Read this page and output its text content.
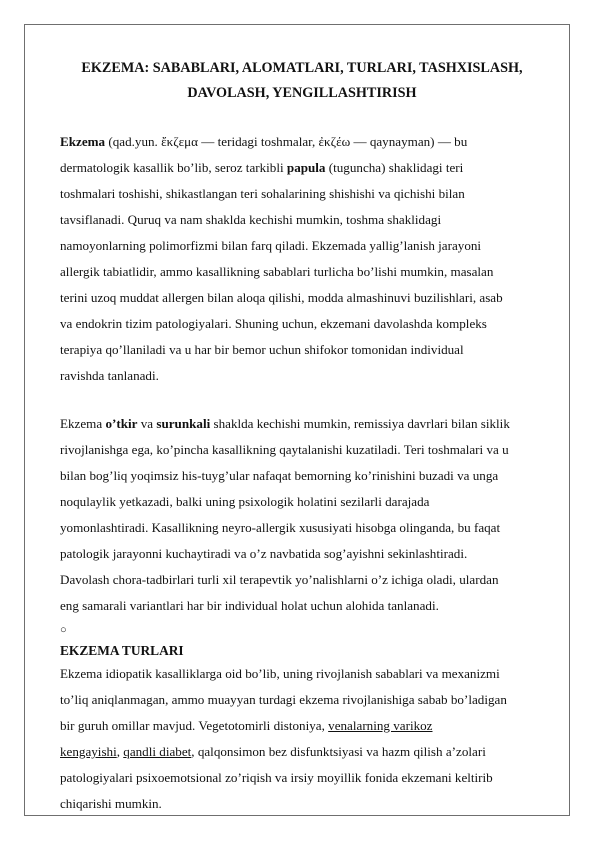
EKZEMA: SABABLARI, ALOMATLARI, TURLARI, TASHXISLASH,
DAVOLASH, YENGILLASHTIRISH

Ekzema (qad.yun. ἔκζεμα — teridagi toshmalar, ἐκζέω — qaynayman) — bu
dermatologik kasallik bo’lib, seroz tarkibli papula (tuguncha) shaklidagi teri
toshmalari toshishi, shikastlangan teri sohalarining shishishi va qichishi bilan
tavsiflanadi. Quruq va nam shaklda kechishi mumkin, toshma shaklidagi
namoyonlarning polimorfizmi bilan farq qiladi. Ekzemada yallig’lanish jarayoni
allergik tabiatlidir, ammo kasallikning sabablari turlicha bo’lishi mumkin, masalan
terini uzoq muddat allergen bilan aloqa qilishi, modda almashinuvi buzilishlari, asab
va endokrin tizim patologiyalari. Shuning uchun, ekzemani davolashda kompleks
terapiya qo’llaniladi va u har bir bemor uchun shifokor tomonidan individual
ravishda tanlanadi.

Ekzema o’tkir va surunkali shaklda kechishi mumkin, remissiya davrlari bilan siklik
rivojlanishga ega, ko’pincha kasallikning qaytalanishi kuzatiladi. Teri toshmalari va u
bilan bog’liq yoqimsiz his-tuyg’ular nafaqat bemorning ko’rinishini buzadi va unga
noqulaylik yetkazadi, balki uning psixologik holatini sezilarli darajada
yomonlashtiradi. Kasallikning neyro-allergik xususiyati hisobga olinganda, bu faqat
patologik jarayonni kuchaytiradi va o’z navbatida sog’ayishni sekinlashtiradi.
Davolash chora-tadbirlari turli xil terapevtik yo’nalishlarni o’z ichiga oladi, ulardan
eng samarali variantlari har bir individual holat uchun alohida tanlanadi.

○
EKZEMA TURLARI

Ekzema idiopatik kasalliklarga oid bo’lib, uning rivojlanish sabablari va mexanizmi
to’liq aniqlanmagan, ammo muayyan turdagi ekzema rivojlanishiga sabab bo’ladigan
bir guruh omillar mavjud. Vegetotomirli distoniya, venalarning varikoz
kengayishi, qandli diabet, qalqonsimon bez disfunktsiyasi va hazm qilish a’zolari
patologiyalari psixoemotsional zo’riqish va irsiy moyillik fonida ekzemani keltirib
chiqarishi mumkin.
